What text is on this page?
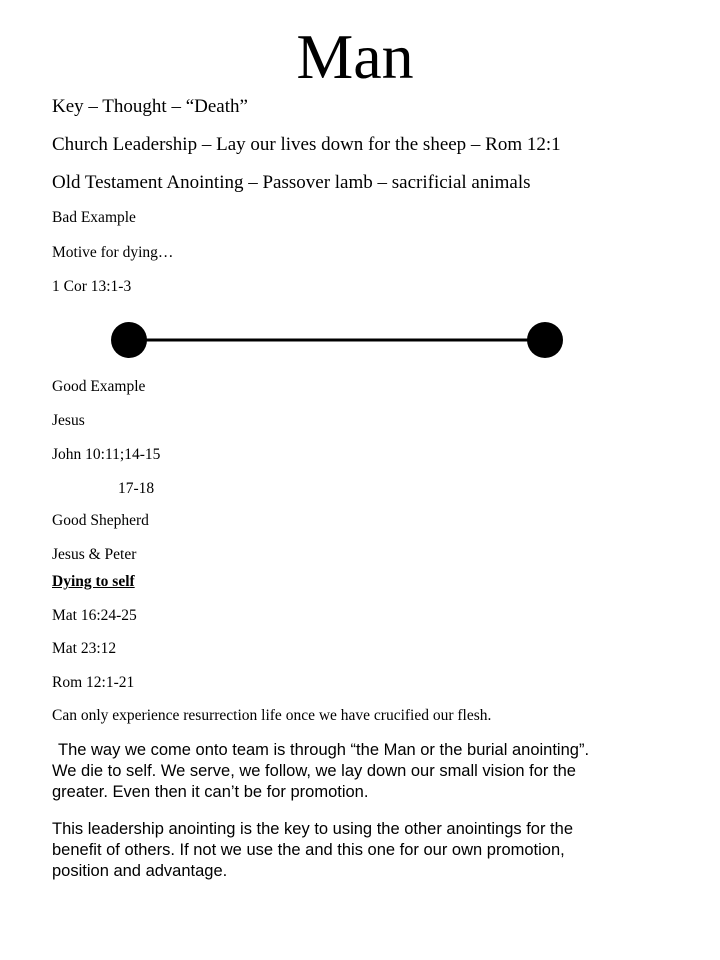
Man
Key – Thought – “Death”
Church Leadership – Lay our lives down for the sheep – Rom 12:1
Old Testament Anointing – Passover lamb – sacrificial animals
Bad Example
Motive for dying…
1 Cor 13:1-3
Good Example
Jesus
John 10:11;14-15
17-18
Good Shepherd
Jesus & Peter
Dying to self
Mat 16:24-25
Mat 23:12
Rom 12:1-21
Can only experience resurrection life once we have crucified our flesh.
The way we come onto team is through “the Man or the burial anointing”. We die to self. We serve, we follow, we lay down our small vision for the greater. Even then it can’t be for promotion.
This leadership anointing is the key to using the other anointings for the benefit of others. If not we use the and this one for our own promotion, position and advantage.
